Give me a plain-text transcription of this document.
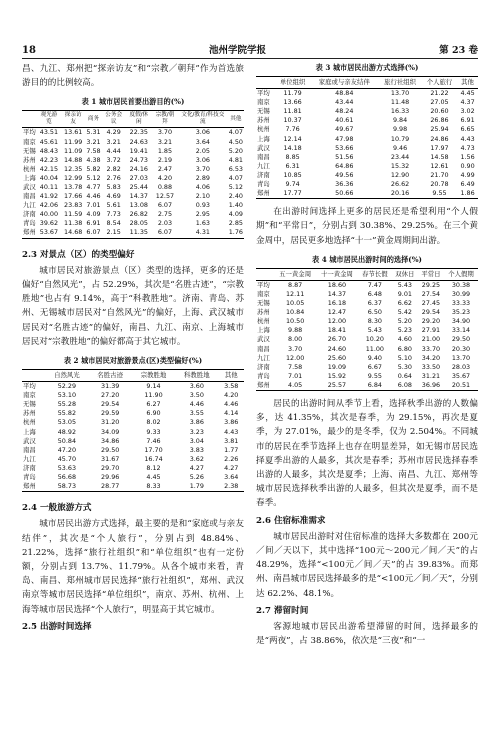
18	池州学院学报	第 23 卷

昌、九江、郑州把“探亲访友”和“宗教／朝拜”作为首选旅游目的的比例较高。

表 1 城市居民首要出游目的(%)
	观光游览	探亲访友	商务	公务会议	度假/休闲	宗教/朝拜	文化/教育/科技交流	其他
平均	43.51	13.61	5.31	4.29	22.35	3.70	3.06	4.07
南京	45.61	11.99	3.21	3.21	24.63	3.21	3.64	4.50
无锡	48.43	11.09	7.58	4.44	19.41	1.85	2.05	5.20
苏州	42.23	14.88	4.38	3.72	24.73	2.19	3.06	4.81
杭州	42.15	12.35	5.82	2.82	24.16	2.47	3.70	6.53
上海	40.04	12.99	5.12	2.76	27.03	4.20	2.89	4.07
武汉	40.11	13.78	4.77	5.83	25.44	0.88	4.06	5.12
南昌	41.92	17.66	4.46	4.69	14.37	12.57	2.10	2.40
九江	42.06	23.83	7.01	5.61	13.08	6.07	0.93	1.40
济南	40.00	11.59	4.09	7.73	26.82	2.75	2.95	4.09
青岛	39.62	11.38	6.91	8.54	28.05	2.03	1.63	2.85
郑州	53.67	14.68	6.07	2.15	11.35	6.07	4.31	1.76
2.3 对景点（区）的类型偏好

城市居民对旅游景点（区）类型的选择，更多的还是偏好“自然风光”，占 52.29%，其次是“名胜古迹”，“宗教胜地”也占有 9.14%，高于“科教胜地”。济南、青岛、苏州、无锡城市居民对“自然风光”的偏好，上海、武汉城市居民对“名胜古迹”的偏好，南昌、九江、南京、上海城市居民对“宗教胜地”的偏好都高于其它城市。

表 2 城市居民对旅游景点(区)类型偏好(%)
	自然风光	名胜古迹	宗教胜地	科教胜地	其他
平均	52.29	31.39	9.14	3.60	3.58
南京	53.10	27.20	11.90	3.50	4.20
无锡	55.28	29.54	6.27	4.46	4.46
苏州	55.82	29.59	6.90	3.55	4.14
杭州	53.05	31.20	8.02	3.86	3.86
上海	48.92	34.09	9.33	3.23	4.43
武汉	50.84	34.86	7.46	3.04	3.81
南昌	47.20	29.50	17.70	3.83	1.77
九江	45.70	31.67	16.74	3.62	2.26
济南	53.63	29.70	8.12	4.27	4.27
青岛	56.68	29.96	4.45	5.26	3.64
郑州	58.73	28.77	8.33	1.79	2.38
2.4 一般旅游方式

城市居民出游方式选择，最主要的是和“家庭或与亲友结伴”，其次是“个人旅行”，分别占到 48.84%、21.22%，选择“旅行社组织”和“单位组织”也有一定份额，分别占到 13.7%、11.79%。从各个城市来看，青岛、南昌、郑州城市居民选择“旅行社组织”，郑州、武汉南京等城市居民选择“单位组织”，南京、苏州、杭州、上海等城市居民选择“个人旅行”，明显高于其它城市。

2.5 出游时间选择
表 3 城市居民出游方式选择(%)
	单位组织	家庭或与亲友结伴	旅行社组织	个人旅行	其他
平均	11.79	48.84	13.70	21.22	4.45
南京	13.66	43.44	11.48	27.05	4.37
无锡	11.81	48.24	16.33	20.60	3.02
苏州	10.37	40.61	9.84	26.86	6.91
杭州	7.76	49.67	9.98	25.94	6.65
上海	12.14	47.98	10.79	24.86	4.43
武汉	14.18	53.66	9.46	17.97	4.73
南昌	8.85	51.56	23.44	14.58	1.56
九江	6.31	64.86	15.32	12.61	0.90
济南	10.85	49.56	12.90	21.70	4.99
青岛	9.74	36.36	26.62	20.78	6.49
郑州	17.77	50.66	20.16	9.55	1.86

在出游时间选择上更多的居民还是希望利用“个人假期”和“平常日”，分别占到 30.38%、29.25%。在三个黄金周中，居民更多地选择“十一”黄金周期间出游。

表 4 城市居民出游时间的选择(%)
	五一黄金周	十一黄金周	春节长假	双休日	平常日	个人假期
平均	8.87	18.60	7.47	5.43	29.25	30.38
南京	12.11	14.37	6.48	9.01	27.54	30.99
无锡	10.05	16.18	6.37	6.62	27.45	33.33
苏州	10.84	12.47	6.50	5.42	29.54	35.23
杭州	10.50	12.00	8.30	5.20	29.20	34.90
上海	9.88	18.41	5.43	5.23	27.91	33.14
武汉	8.00	26.70	10.20	4.60	21.00	29.50
南昌	3.70	24.60	11.00	6.80	33.70	20.30
九江	12.00	25.60	9.40	5.10	34.20	13.70
济南	7.58	19.09	6.67	5.30	33.50	28.03
青岛	7.01	15.92	9.55	0.64	31.21	35.67
郑州	4.05	25.57	6.84	6.08	36.96	20.51

居民的出游时间从季节上看，选择秋季出游的人数偏多，达 41.35%，其次是春季，为 29.15%，再次是夏季，为 27.01%，最少的是冬季，仅为 2.504%。不同城市的居民在季节选择上也存在明显差异，如无锡市居民选择夏季出游的人最多，其次是春季；苏州市居民选择春季出游的人最多，其次是夏季；上海、南昌、九江、郑州等城市居民选择秋季出游的人最多，但其次是夏季，而不是春季。

2.6 住宿标准需求

城市居民出游时对住宿标准的选择大多数都在 200元／间／天以下，其中选择“100元～200元／间／天”的占 48.29%，选择“<100元／间／天”的占 39.83%。而郑州、南昌城市居民选择最多的是“<100元／间／天”，分别达 62.2%、48.1%。

2.7 滞留时间

客源地城市居民出游希望滞留的时间，选择最多的是“两夜”，占 38.86%，依次是“三夜”和“一
